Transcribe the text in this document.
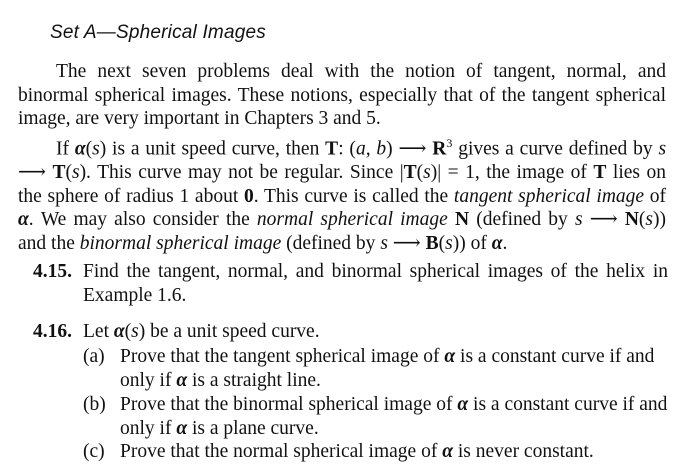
Set A—Spherical Images
The next seven problems deal with the notion of tangent, normal, and binormal spherical images. These notions, especially that of the tangent spherical image, are very important in Chapters 3 and 5.
If α(s) is a unit speed curve, then T: (a, b) ⟶ $R^3$ gives a curve defined by s ⟶ T(s). This curve may not be regular. Since |T(s)| = 1, the image of T lies on the sphere of radius 1 about 0. This curve is called the tangent spherical image of α. We may also consider the normal spherical image N (defined by s ⟶ N(s)) and the binormal spherical image (defined by s ⟶ B(s)) of α.
4.15. Find the tangent, normal, and binormal spherical images of the helix in Example 1.6.
4.16. Let α(s) be a unit speed curve.
(a) Prove that the tangent spherical image of α is a constant curve if and only if α is a straight line.
(b) Prove that the binormal spherical image of α is a constant curve if and only if α is a plane curve.
(c) Prove that the normal spherical image of α is never constant.
